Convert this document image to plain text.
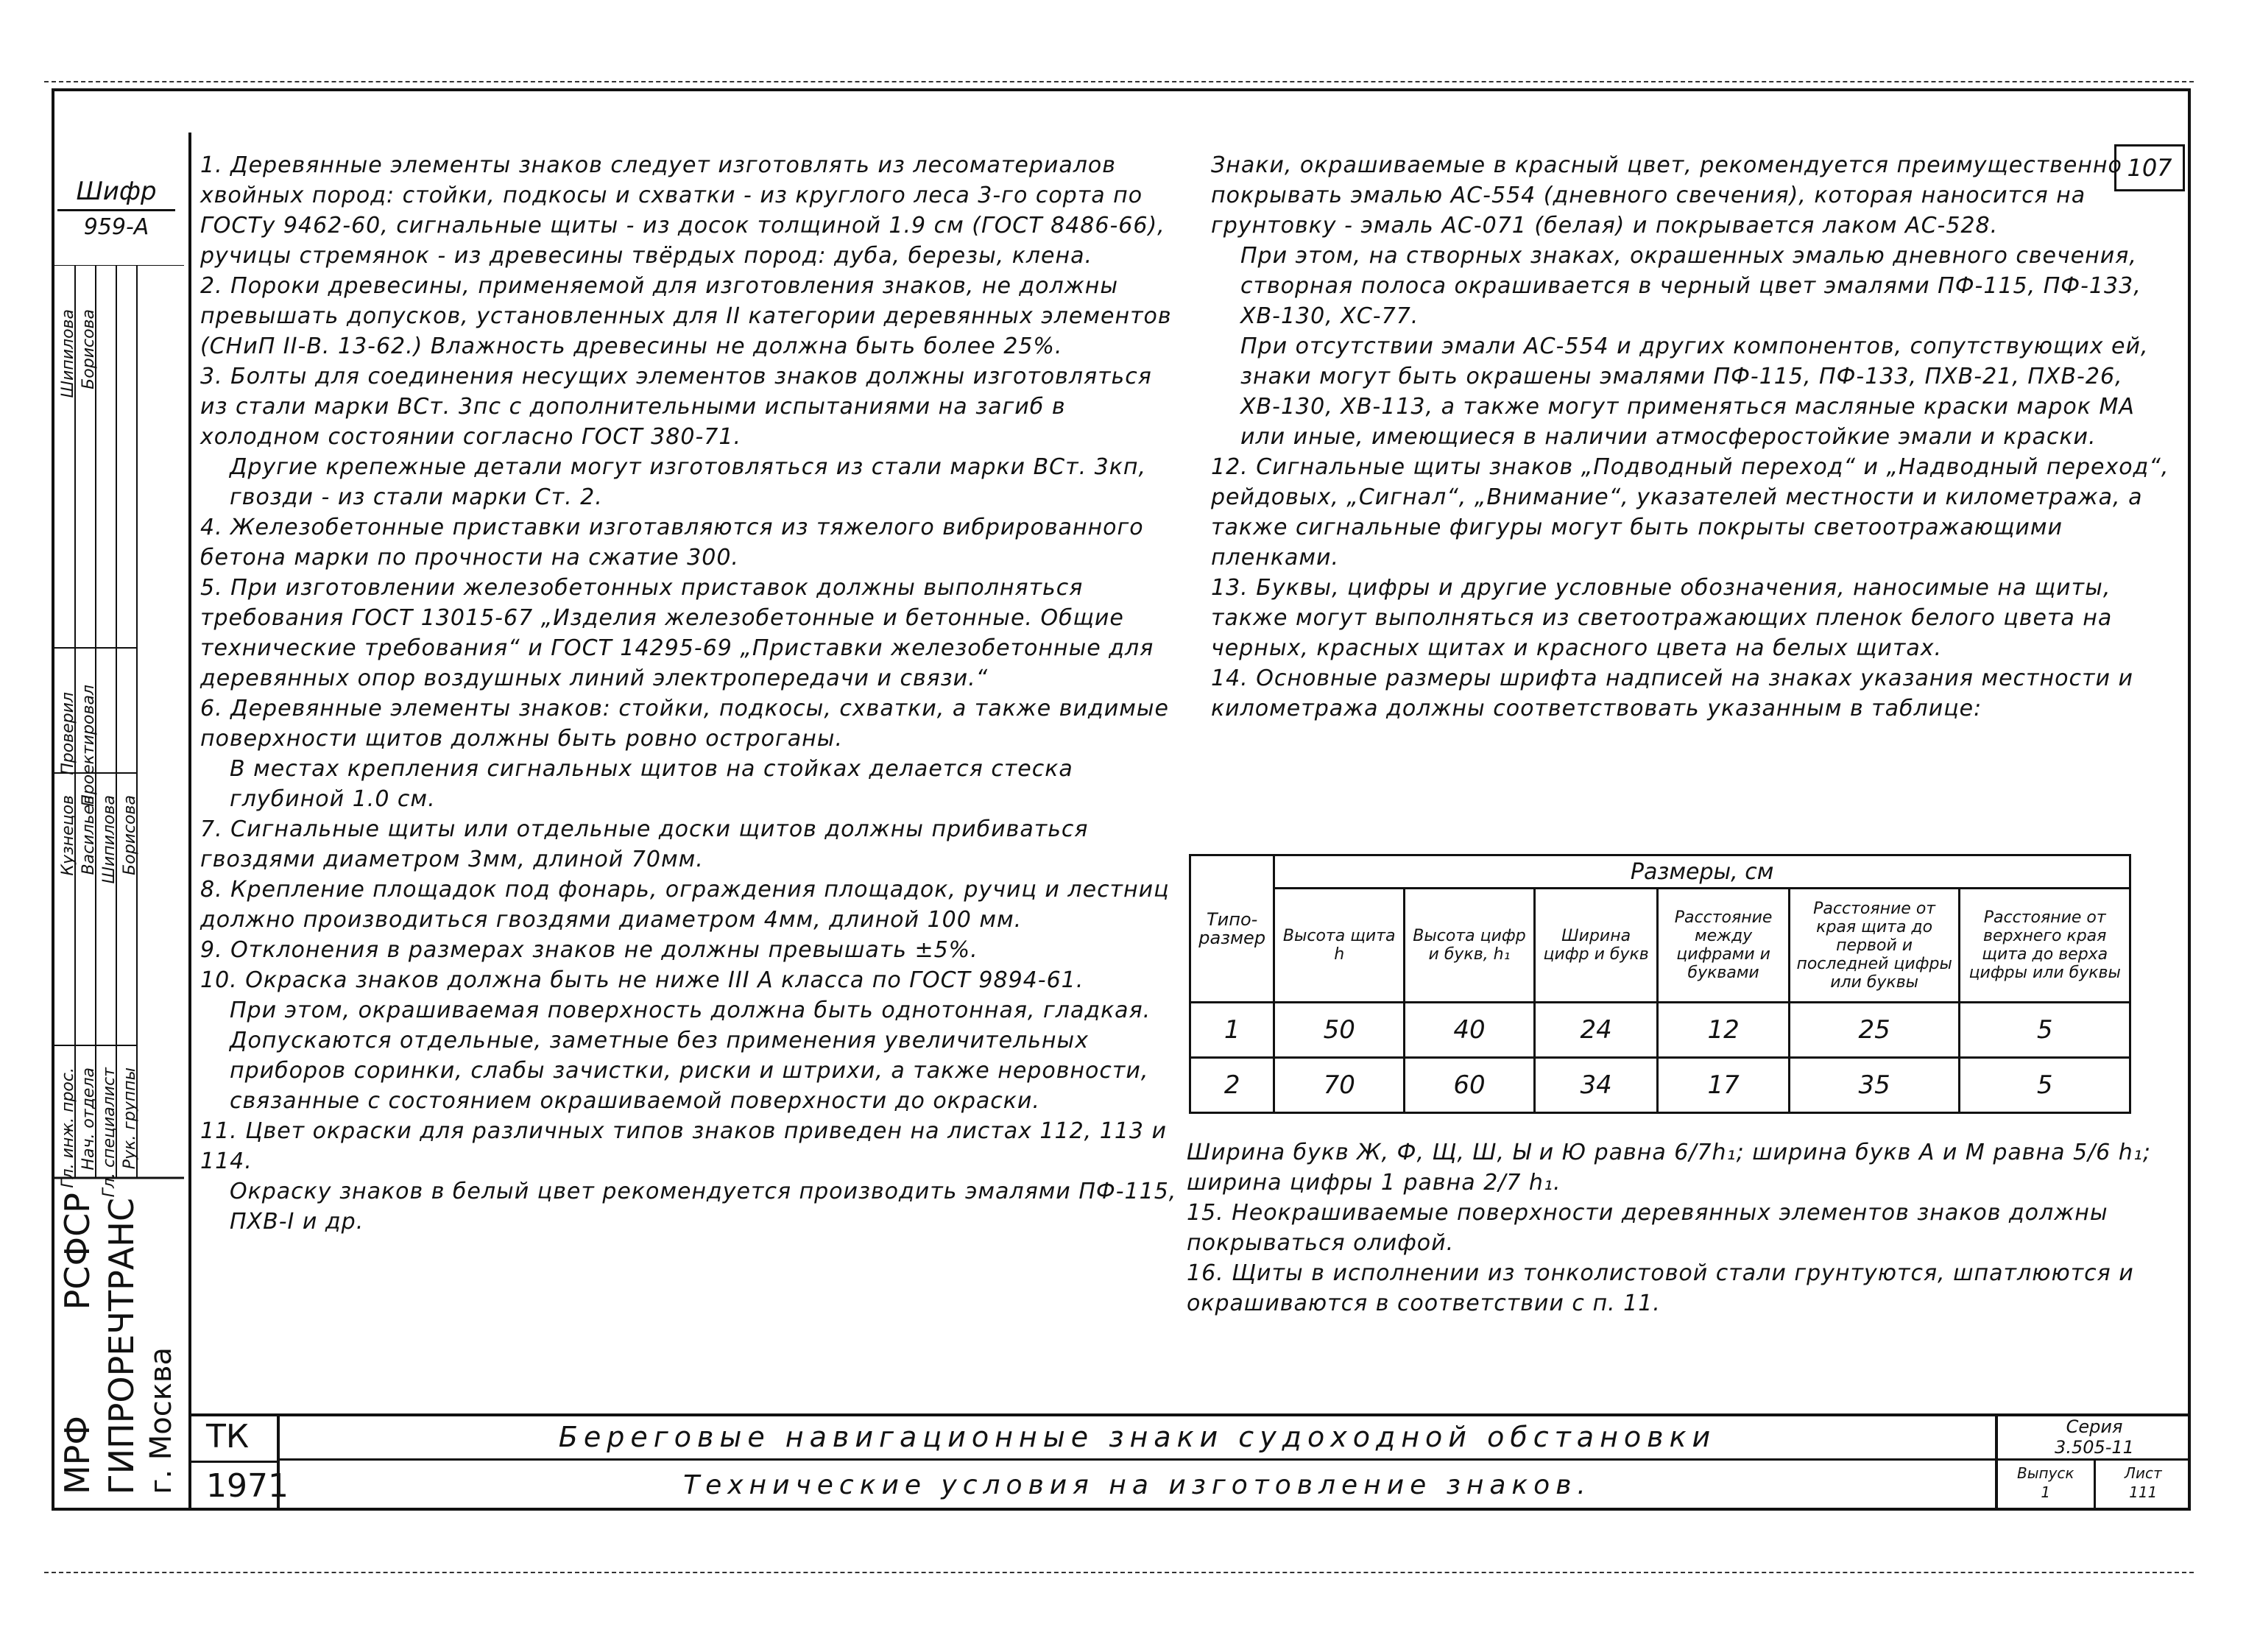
Шифр
959-А
Гл. инж. прос. Нач. отдела Гл. специалист Рук. группы
Кузнецов Васильев Шипилова Борисова
Проверил Проектировал
Шипилова Борисова
МРФ
РСФСР ГИПРОРЕЧТРАНС г. Москва
107

1. Деревянные элементы знаков следует изготовлять из лесоматериалов хвойных пород: стойки, подкосы и схватки - из круглого леса 3-го сорта по ГОСТу 9462-60, сигнальные щиты - из досок толщиной 1.9 см (ГОСТ 8486-66), ручицы стремянок - из древесины твёрдых пород: дуба, березы, клена.

2. Пороки древесины, применяемой для изготовления знаков, не должны превышать допусков, установленных для II категории деревянных элементов (СНиП II-В. 13-62.) Влажность древесины не должна быть более 25%.

3. Болты для соединения несущих элементов знаков должны изготовляться из стали марки ВСт. 3пс с дополнительными испытаниями на загиб в холодном состоянии согласно ГОСТ 380-71.

Другие крепежные детали могут изготовляться из стали марки ВСт. 3кп, гвозди - из стали марки Ст. 2.

4. Железобетонные приставки изготавляются из тяжелого вибрированного бетона марки по прочности на сжатие 300.

5. При изготовлении железобетонных приставок должны выполняться требования ГОСТ 13015-67 „Изделия железобетонные и бетонные. Общие технические требования“ и ГОСТ 14295-69 „Приставки железобетонные для деревянных опор воздушных линий электропередачи и связи.“

6. Деревянные элементы знаков: стойки, подкосы, схватки, а также видимые поверхности щитов должны быть ровно остроганы.

В местах крепления сигнальных щитов на стойках делается стеска глубиной 1.0 см.

7. Сигнальные щиты или отдельные доски щитов должны прибиваться гвоздями диаметром 3мм, длиной 70мм.

8. Крепление площадок под фонарь, ограждения площадок, ручиц и лестниц должно производиться гвоздями диаметром 4мм, длиной 100 мм.

9. Отклонения в размерах знаков не должны превышать ±5%.

10. Окраска знаков должна быть не ниже III А класса по ГОСТ 9894-61.

При этом, окрашиваемая поверхность должна быть однотонная, гладкая. Допускаются отдельные, заметные без применения увеличительных приборов соринки, слабы зачистки, риски и штрихи, а также неровности, связанные с состоянием окрашиваемой поверхности до окраски.

11. Цвет окраски для различных типов знаков приведен на листах 112, 113 и 114.

Окраску знаков в белый цвет рекомендуется производить эмалями ПФ-115, ПХВ-I и др.

Знаки, окрашиваемые в красный цвет, рекомендуется преимущественно покрывать эмалью АС-554 (дневного свечения), которая наносится на грунтовку - эмаль АС-071 (белая) и покрывается лаком АС-528.

При этом, на створных знаках, окрашенных эмалью дневного свечения, створная полоса окрашивается в черный цвет эмалями ПФ-115, ПФ-133, ХВ-130, ХС-77.

При отсутствии эмали АС-554 и других компонентов, сопутствующих ей, знаки могут быть окрашены эмалями ПФ-115, ПФ-133, ПХВ-21, ПХВ-26, ХВ-130, ХВ-113, а также могут применяться масляные краски марок МА или иные, имеющиеся в наличии атмосферостойкие эмали и краски.

12. Сигнальные щиты знаков „Подводный переход“ и „Надводный переход“, рейдовых, „Сигнал“, „Внимание“, указателей местности и километража, а также сигнальные фигуры могут быть покрыты светоотражающими пленками.

13. Буквы, цифры и другие условные обозначения, наносимые на щиты, также могут выполняться из светоотражающих пленок белого цвета на черных, красных щитах и красного цвета на белых щитах.

14. Основные размеры шрифта надписей на знаках указания местности и километража должны соответствовать указанным в таблице:

Типо-размер	Размеры, см					
	Высота щита h	Высота цифр и букв, h₁	Ширина цифр и букв	Расстояние между цифрами и буквами	Расстояние от края щита до первой и последней цифры или буквы	Расстояние от верхнего края щита до верха цифры или буквы
1	50	40	24	12	25	5
2	70	60	34	17	35	5

Ширина букв Ж, Ф, Щ, Ш, Ы и Ю равна 6/7h₁; ширина букв А и М равна 5/6 h₁; ширина цифры 1 равна 2/7 h₁.

15. Неокрашиваемые поверхности деревянных элементов знаков должны покрываться олифой.

16. Щиты в исполнении из тонколистовой стали грунтуются, шпатлюются и окрашиваются в соответствии с п. 11.

ТК
1971
Береговые навигационные знаки судоходной обстановки
Технические условия на изготовление знаков.
Серия
3.505-11
Выпуск
1
Лист
111
